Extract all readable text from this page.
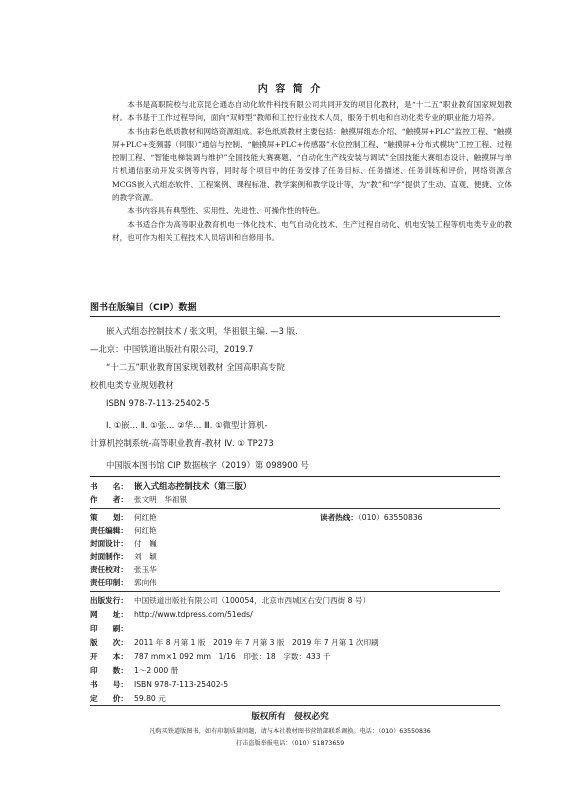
内 容 简 介

本书是高职院校与北京昆仑通态自动化软件科技有限公司共同开发的项目化教材，是“十二五”职业教育国家规划教材。本书基于工作过程导向，面向“双师型”教师和工控行业技术人员，服务于机电和自动化类专业的职业能力培养。

本书由彩色纸质教材和网络资源组成。彩色纸质教材主要包括：触摸屏组态介绍、“触摸屏+PLC”监控工程、“触摸屏+PLC+变频器（伺服）”通信与控制、“触摸屏+PLC+传感器”水位控制工程、“触摸屏+分布式模块”工控工程、过程控制工程、“智能电梯装调与维护”全国技能大赛赛题、“自动化生产线安装与调试”全国技能大赛组态设计、触摸屏与单片机通信驱动开发实例等内容，同时每个项目中的任务安排了任务目标、任务描述、任务训练和评价，网络资源含MCGS嵌入式组态软件、工程案例、课程标准、教学案例和教学设计等，为“教”和“学”提供了生动、直观、便捷、立体的教学资源。

本书内容具有典型性、实用性、先进性、可操作性的特色。

本书适合作为高等职业教育机电一体化技术、电气自动化技术、生产过程自动化、机电安装工程等机电类专业的教材，也可作为相关工程技术人员培训和自修用书。

图书在版编目（CIP）数据
嵌入式组态控制技术 / 张文明，华祖银主编. —3 版.
—北京：中国铁道出版社有限公司，2019.7
“十二五”职业教育国家规划教材 全国高职高专院
校机电类专业规划教材
ISBN 978-7-113-25402-5
Ⅰ. ①嵌… Ⅱ. ①张… ②华… Ⅲ. ①微型计算机-
计算机控制系统-高等职业教育-教材 Ⅳ. ① TP273
中国版本图书馆 CIP 数据核字（2019）第 098900 号
书　　名： 嵌入式组态控制技术（第三版）
作　　者： 张文明　华祖银
策　　划： 何红艳	读者热线：（010）63550836
责任编辑： 何红艳
封面设计： 付　巍
封面制作： 刘　颖
责任校对： 张玉华
责任印制： 郭向伟
出版发行： 中国铁道出版社有限公司（100054，北京市西城区右安门西街 8 号）
网　　址： http://www.tdpress.com/51eds/
印　　刷：
版　　次： 2011 年 8 月第 1 版　2019 年 7 月第 3 版　2019 年 7 月第 1 次印刷
开　　本： 787 mm×1 092 mm　1/16　印张：18　字数：433 千
印　　数： 1～2 000 册
书　　号： ISBN 978-7-113-25402-5
定　　价： 59.80 元
版权所有　侵权必究
凡购买铁道版图书，如有印制质量问题，请与本社教材图书营销部联系调换。电话：（010）63550836
打击盗版举报电话：（010）51873659
